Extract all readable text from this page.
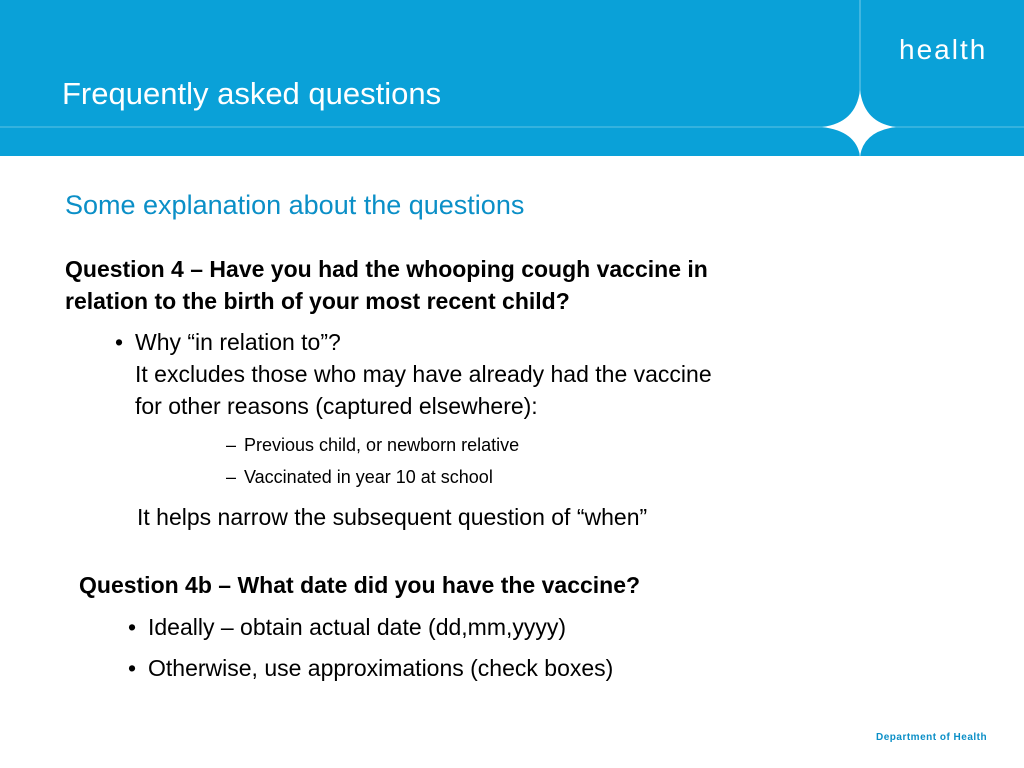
Frequently asked questions
health
Some explanation about the questions
Question 4 – Have you had the whooping cough vaccine in
relation to the birth of your most recent child?
• Why “in relation to”?
It excludes those who may have already had the vaccine
for other reasons (captured elsewhere):
– Previous child, or newborn relative
– Vaccinated in year 10 at school
It helps narrow the subsequent question of “when”
Question 4b – What date did you have the vaccine?
• Ideally – obtain actual date (dd,mm,yyyy)
• Otherwise, use approximations (check boxes)
Department of Health
